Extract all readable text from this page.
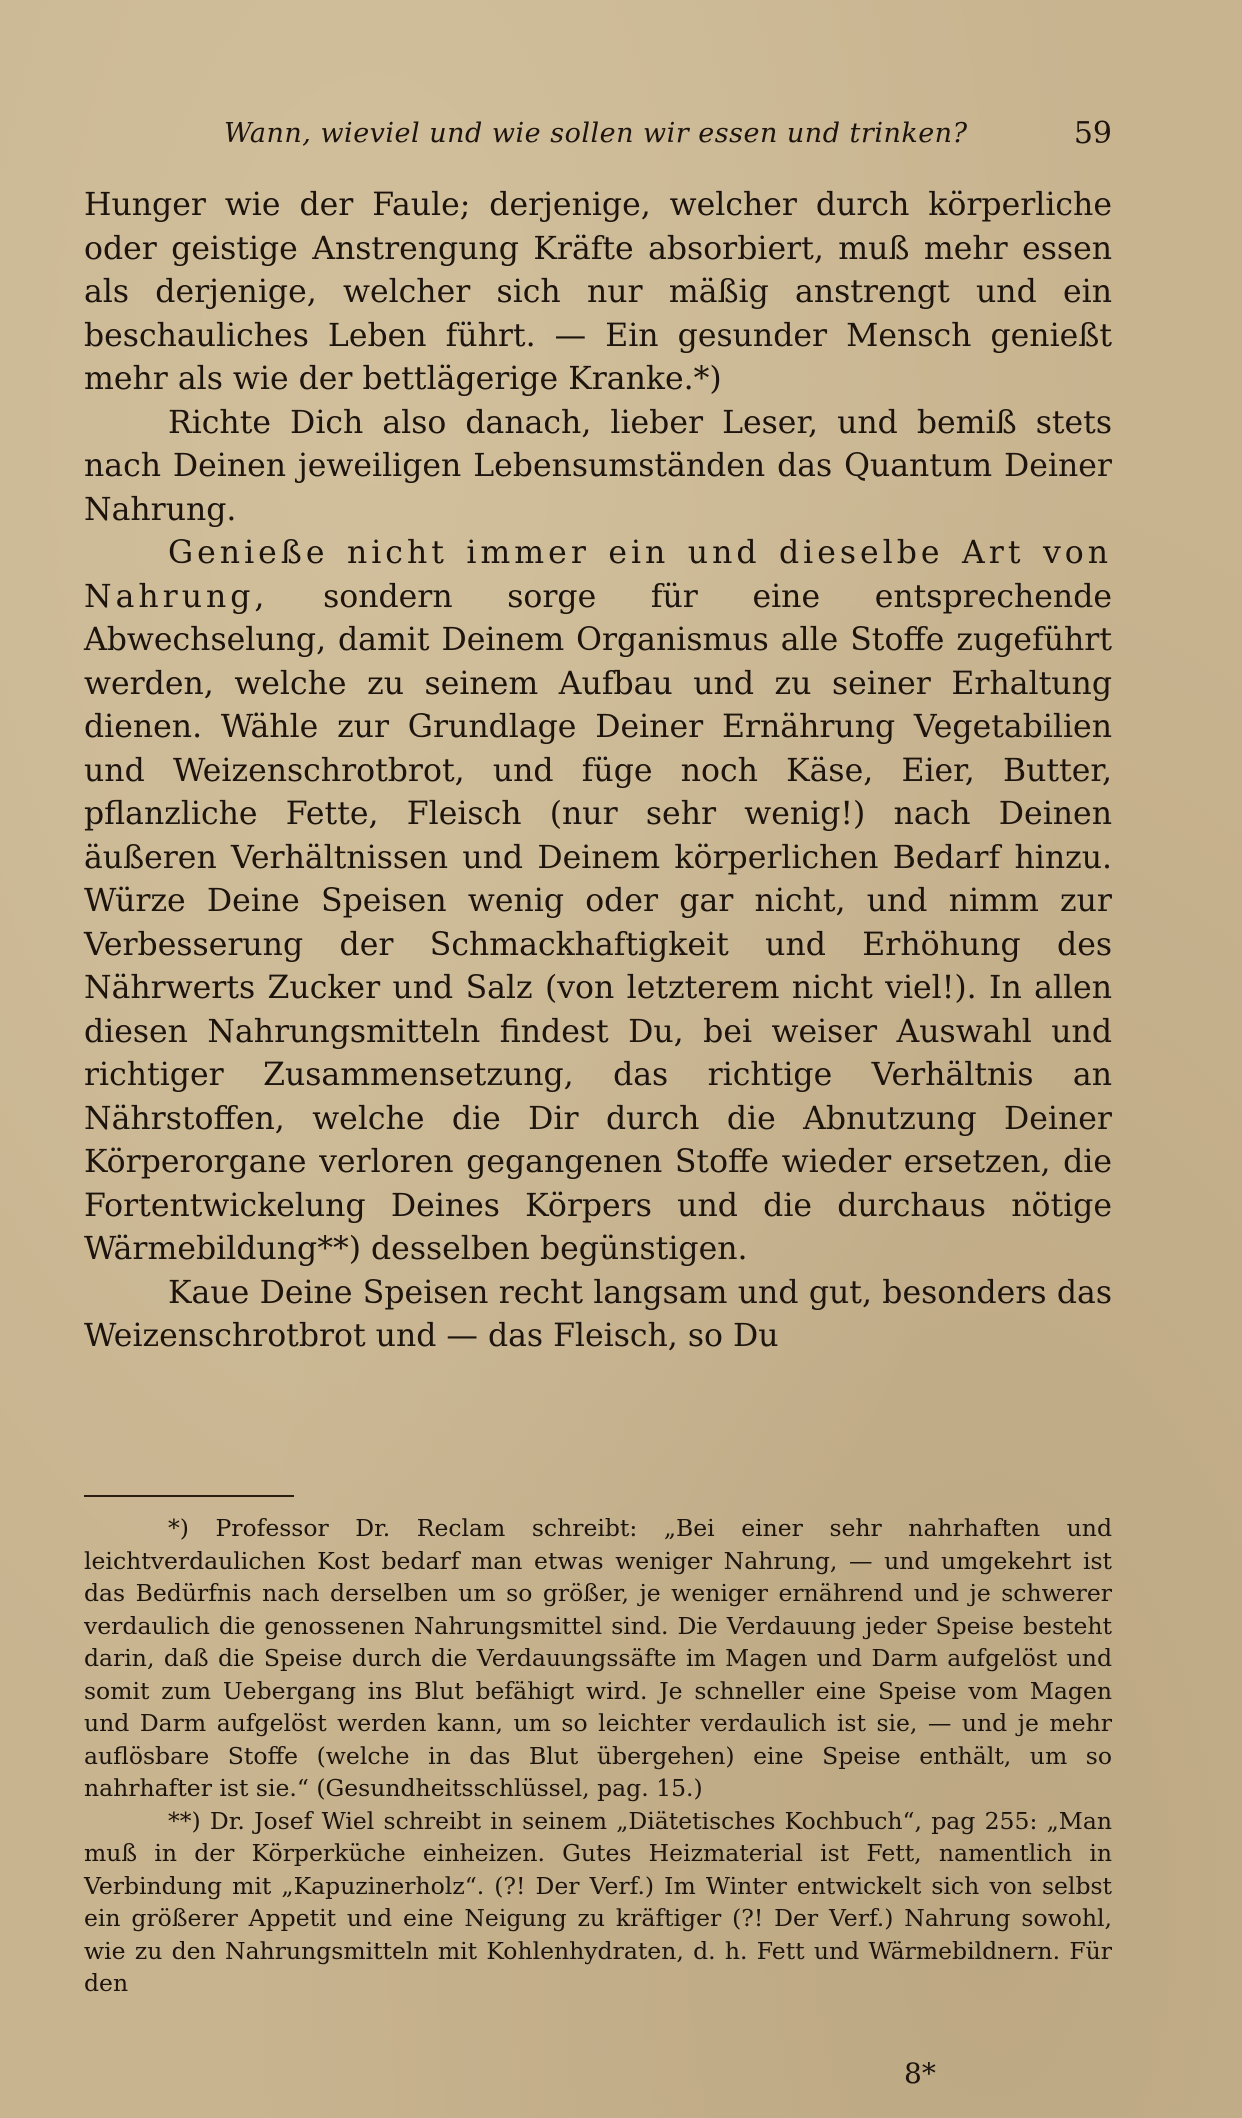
Wann, wieviel und wie sollen wir essen und trinken?	59

Hunger wie der Faule; derjenige, welcher durch körperliche oder geistige Anstrengung Kräfte absorbiert, muß mehr essen als derjenige, welcher sich nur mäßig anstrengt und ein beschauliches Leben führt. — Ein gesunder Mensch genießt mehr als wie der bettlägerige Kranke.*)

Richte Dich also danach, lieber Leser, und bemiß stets nach Deinen jeweiligen Lebensumständen das Quantum Deiner Nahrung.

Genieße nicht immer ein und dieselbe Art von Nahrung, sondern sorge für eine entsprechende Abwechselung, damit Deinem Organismus alle Stoffe zugeführt werden, welche zu seinem Aufbau und zu seiner Erhaltung dienen. Wähle zur Grundlage Deiner Ernährung Vegetabilien und Weizenschrotbrot, und füge noch Käse, Eier, Butter, pflanzliche Fette, Fleisch (nur sehr wenig!) nach Deinen äußeren Verhältnissen und Deinem körperlichen Bedarf hinzu. Würze Deine Speisen wenig oder gar nicht, und nimm zur Verbesserung der Schmackhaftigkeit und Erhöhung des Nährwerts Zucker und Salz (von letzterem nicht viel!). In allen diesen Nahrungsmitteln findest Du, bei weiser Auswahl und richtiger Zusammensetzung, das richtige Verhältnis an Nährstoffen, welche die Dir durch die Abnutzung Deiner Körperorgane verloren gegangenen Stoffe wieder ersetzen, die Fortentwickelung Deines Körpers und die durchaus nötige Wärmebildung**) desselben begünstigen.

Kaue Deine Speisen recht langsam und gut, besonders das Weizenschrotbrot und — das Fleisch, so Du

*) Professor Dr. Reclam schreibt: „Bei einer sehr nahrhaften und leichtverdaulichen Kost bedarf man etwas weniger Nahrung, — und umgekehrt ist das Bedürfnis nach derselben um so größer, je weniger ernährend und je schwerer verdaulich die genossenen Nahrungsmittel sind. Die Verdauung jeder Speise besteht darin, daß die Speise durch die Verdauungssäfte im Magen und Darm aufgelöst und somit zum Uebergang ins Blut befähigt wird. Je schneller eine Speise vom Magen und Darm aufgelöst werden kann, um so leichter verdaulich ist sie, — und je mehr auflösbare Stoffe (welche in das Blut übergehen) eine Speise enthält, um so nahrhafter ist sie.“ (Gesundheitsschlüssel, pag. 15.)

**) Dr. Josef Wiel schreibt in seinem „Diätetisches Kochbuch“, pag 255: „Man muß in der Körperküche einheizen. Gutes Heizmaterial ist Fett, namentlich in Verbindung mit „Kapuzinerholz“. (?! Der Verf.) Im Winter entwickelt sich von selbst ein größerer Appetit und eine Neigung zu kräftiger (?! Der Verf.) Nahrung sowohl, wie zu den Nahrungsmitteln mit Kohlenhydraten, d. h. Fett und Wärmebildnern. Für den

8*
